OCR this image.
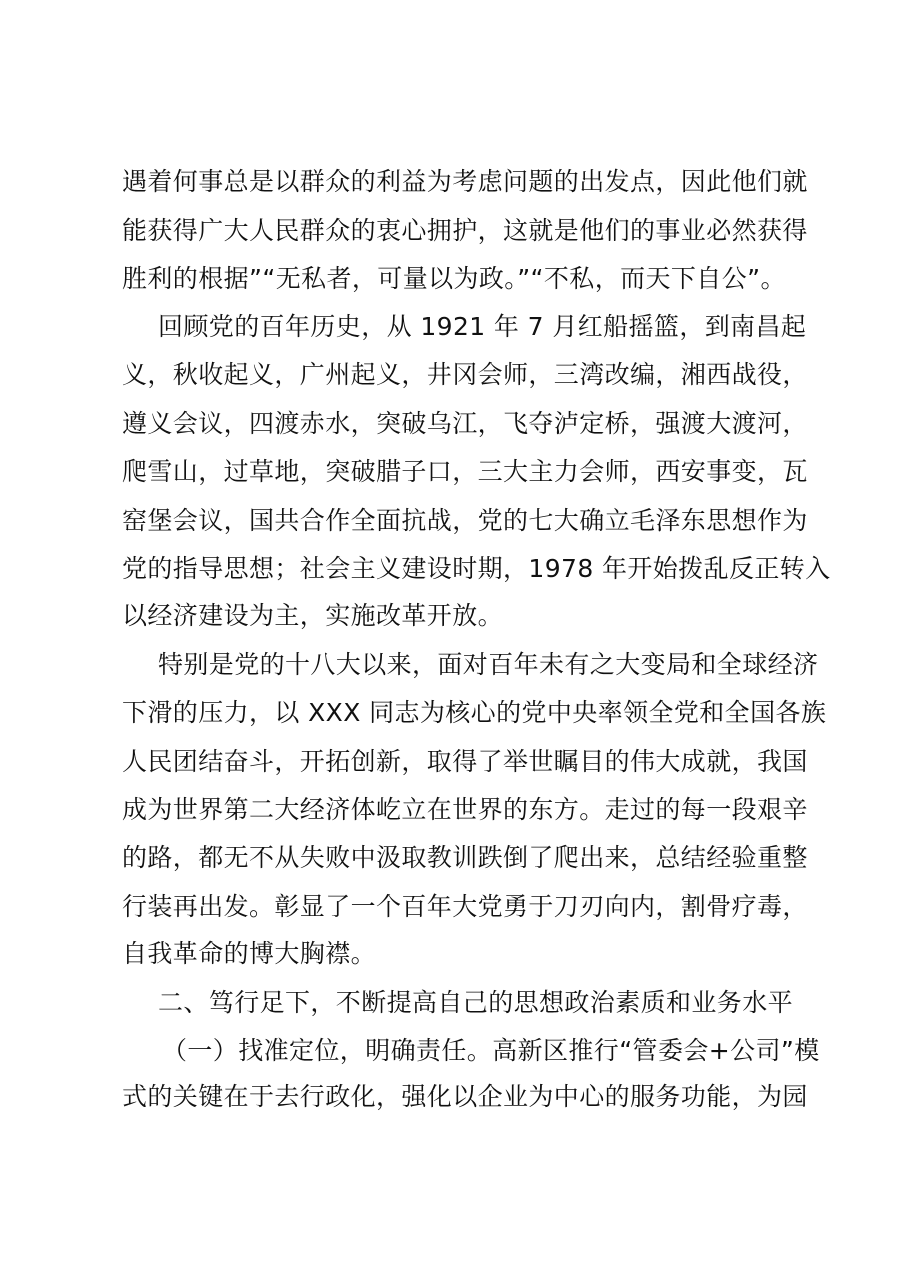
遇着何事总是以群众的利益为考虑问题的出发点，因此他们就
能获得广大人民群众的衷心拥护，这就是他们的事业必然获得
胜利的根据”“无私者，可量以为政。”“不私，而天下自公”。
回顾党的百年历史，从 1921 年 7 月红船摇篮，到南昌起
义，秋收起义，广州起义，井冈会师，三湾改编，湘西战役，
遵义会议，四渡赤水，突破乌江，飞夺泸定桥，强渡大渡河，
爬雪山，过草地，突破腊子口，三大主力会师，西安事变，瓦
窑堡会议，国共合作全面抗战，党的七大确立毛泽东思想作为
党的指导思想；社会主义建设时期，1978 年开始拨乱反正转入
以经济建设为主，实施改革开放。
特别是党的十八大以来，面对百年未有之大变局和全球经济
下滑的压力，以 XXX 同志为核心的党中央率领全党和全国各族
人民团结奋斗，开拓创新，取得了举世瞩目的伟大成就，我国
成为世界第二大经济体屹立在世界的东方。走过的每一段艰辛
的路，都无不从失败中汲取教训跌倒了爬出来，总结经验重整
行装再出发。彰显了一个百年大党勇于刀刃向内，割骨疗毒，
自我革命的博大胸襟。
二、笃行足下，不断提高自己的思想政治素质和业务水平
（一）找准定位，明确责任。高新区推行“管委会+公司”模
式的关键在于去行政化，强化以企业为中心的服务功能，为园
